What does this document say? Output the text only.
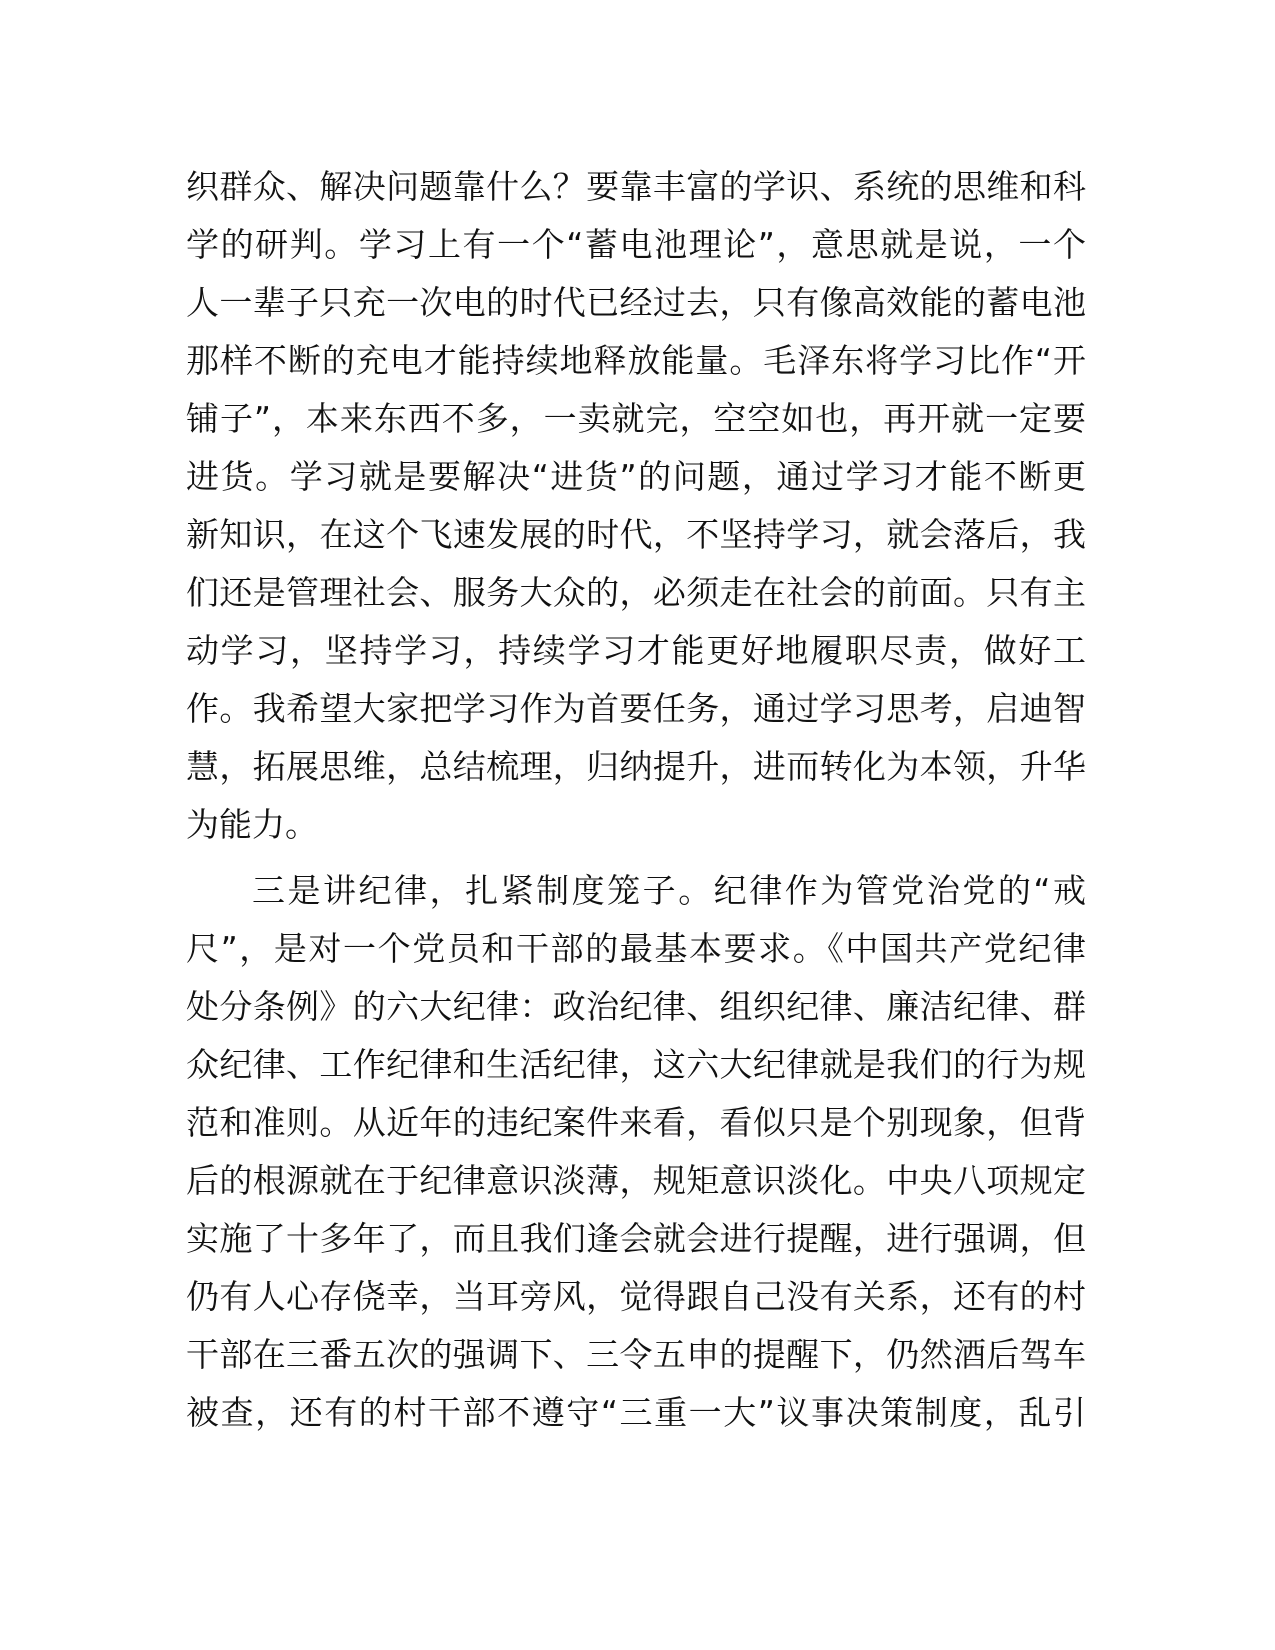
织群众、解决问题靠什么？要靠丰富的学识、系统的思维和科
学的研判。学习上有一个“蓄电池理论”，意思就是说，一个
人一辈子只充一次电的时代已经过去，只有像高效能的蓄电池
那样不断的充电才能持续地释放能量。毛泽东将学习比作“开
铺子”，本来东西不多，一卖就完，空空如也，再开就一定要
进货。学习就是要解决“进货”的问题，通过学习才能不断更
新知识，在这个飞速发展的时代，不坚持学习，就会落后，我
们还是管理社会、服务大众的，必须走在社会的前面。只有主
动学习，坚持学习，持续学习才能更好地履职尽责，做好工
作。我希望大家把学习作为首要任务，通过学习思考，启迪智
慧，拓展思维，总结梳理，归纳提升，进而转化为本领，升华
为能力。
三是讲纪律，扎紧制度笼子。纪律作为管党治党的“戒
尺”，是对一个党员和干部的最基本要求。《中国共产党纪律
处分条例》的六大纪律：政治纪律、组织纪律、廉洁纪律、群
众纪律、工作纪律和生活纪律，这六大纪律就是我们的行为规
范和准则。从近年的违纪案件来看，看似只是个别现象，但背
后的根源就在于纪律意识淡薄，规矩意识淡化。中央八项规定
实施了十多年了，而且我们逢会就会进行提醒，进行强调，但
仍有人心存侥幸，当耳旁风，觉得跟自己没有关系，还有的村
干部在三番五次的强调下、三令五申的提醒下，仍然酒后驾车
被查，还有的村干部不遵守“三重一大”议事决策制度，乱引
